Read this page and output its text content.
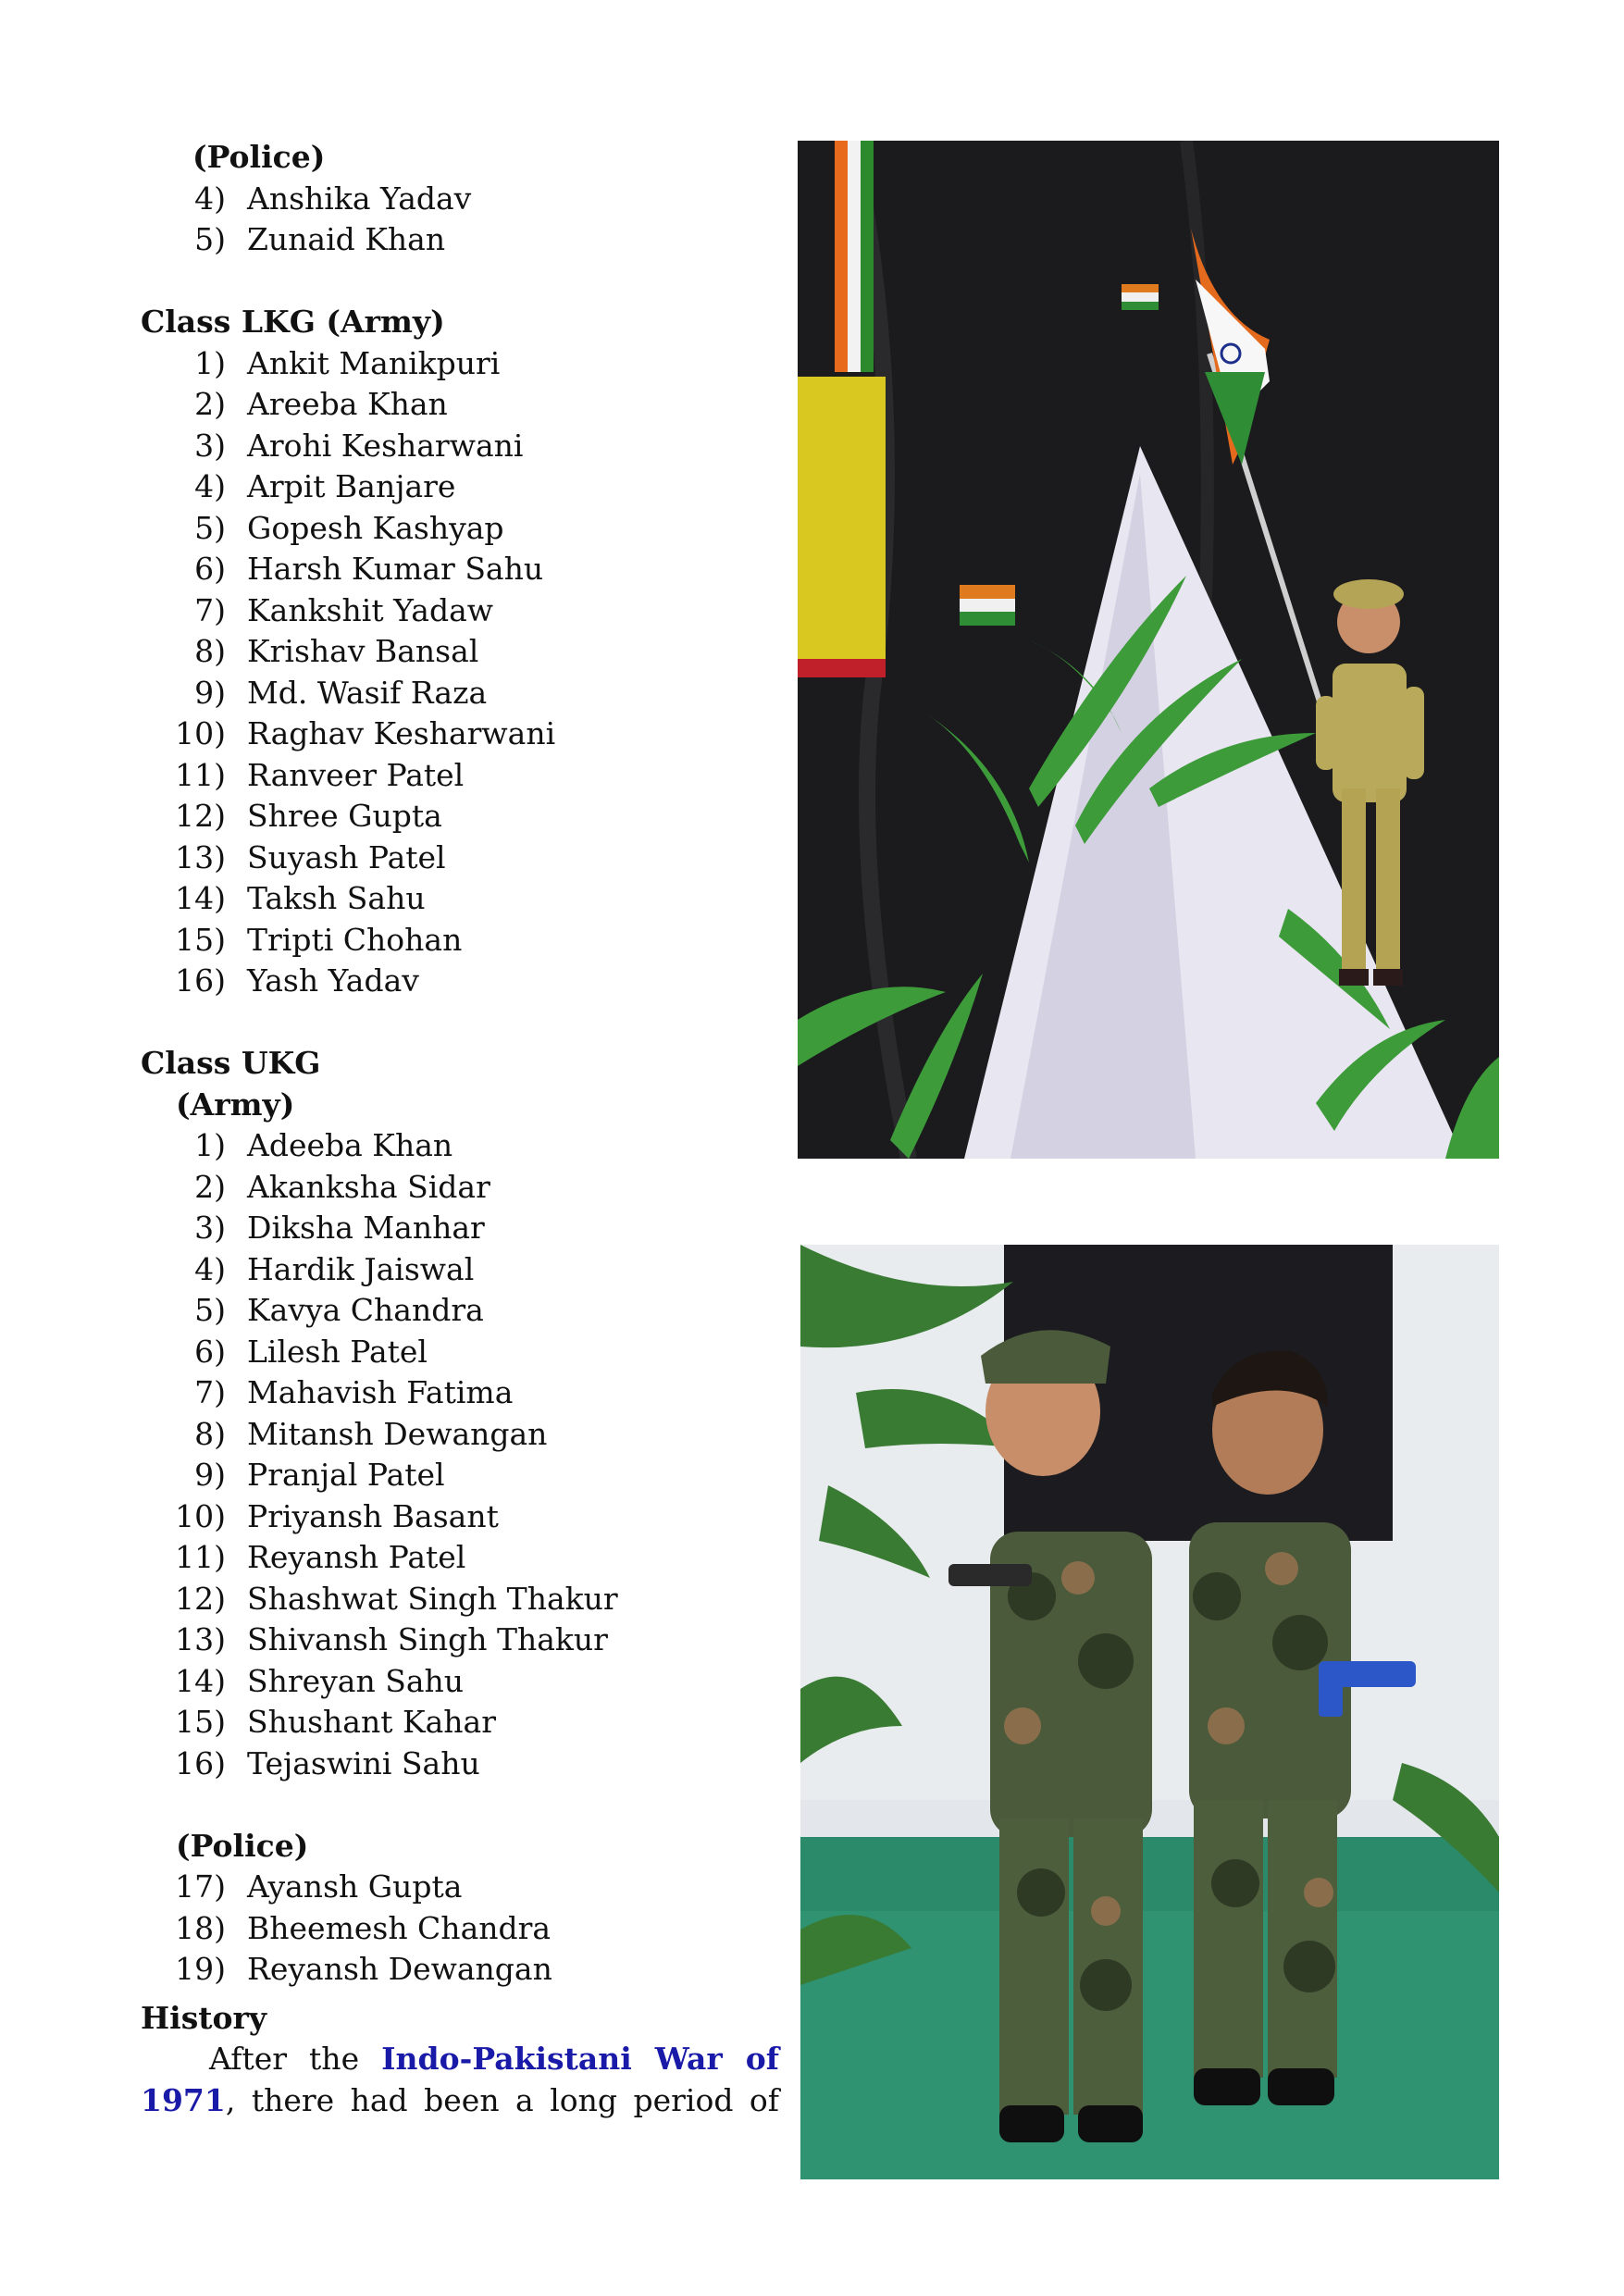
(Police)
4) Anshika Yadav
5) Zunaid Khan
Class LKG (Army)
1) Ankit Manikpuri
2) Areeba Khan
3) Arohi Kesharwani
4) Arpit Banjare
5) Gopesh Kashyap
6) Harsh Kumar Sahu
7) Kankshit Yadaw
8) Krishav Bansal
9) Md. Wasif Raza
10) Raghav Kesharwani
11) Ranveer Patel
12) Shree Gupta
13) Suyash Patel
14) Taksh Sahu
15) Tripti Chohan
16) Yash Yadav
Class UKG
(Army)
1) Adeeba Khan
2) Akanksha Sidar
3) Diksha Manhar
4) Hardik Jaiswal
5) Kavya Chandra
6) Lilesh Patel
7) Mahavish Fatima
8) Mitansh Dewangan
9) Pranjal Patel
10) Priyansh Basant
11) Reyansh Patel
12) Shashwat Singh Thakur
13) Shivansh Singh Thakur
14) Shreyan Sahu
15) Shushant Kahar
16) Tejaswini Sahu
(Police)
17) Ayansh Gupta
18) Bheemesh Chandra
19) Reyansh Dewangan
History
After the Indo-Pakistani War of 1971, there had been a long period of
